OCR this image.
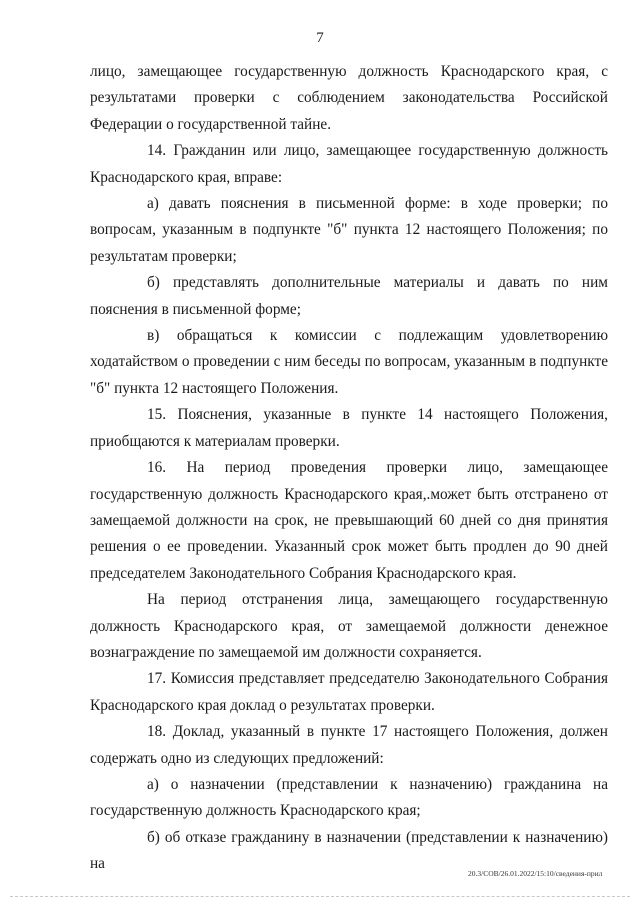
7

лицо, замещающее государственную должность Краснодарского края, с результатами проверки с соблюдением законодательства Российской Федерации о государственной тайне.

14. Гражданин или лицо, замещающее государственную должность Краснодарского края, вправе:

а) давать пояснения в письменной форме: в ходе проверки; по вопросам, указанным в подпункте "б" пункта 12 настоящего Положения; по результатам проверки;

б) представлять дополнительные материалы и давать по ним пояснения в письменной форме;

в) обращаться к комиссии с подлежащим удовлетворению ходатайством о проведении с ним беседы по вопросам, указанным в подпункте "б" пункта 12 настоящего Положения.

15. Пояснения, указанные в пункте 14 настоящего Положения, приобщаются к материалам проверки.

16. На период проведения проверки лицо, замещающее государственную должность Краснодарского края,.может быть отстранено от замещаемой должности на срок, не превышающий 60 дней со дня принятия решения о ее проведении. Указанный срок может быть продлен до 90 дней председателем Законодательного Собрания Краснодарского края.

На период отстранения лица, замещающего государственную должность Краснодарского края, от замещаемой должности денежное вознаграждение по замещаемой им должности сохраняется.

17. Комиссия представляет председателю Законодательного Собрания Краснодарского края доклад о результатах проверки.

18. Доклад, указанный в пункте 17 настоящего Положения, должен содержать одно из следующих предложений:

а) о назначении (представлении к назначению) гражданина на государственную должность Краснодарского края;

б) об отказе гражданину в назначении (представлении к назначению) на

20.3/СОВ/26.01.2022/15:10/сведения-прил
